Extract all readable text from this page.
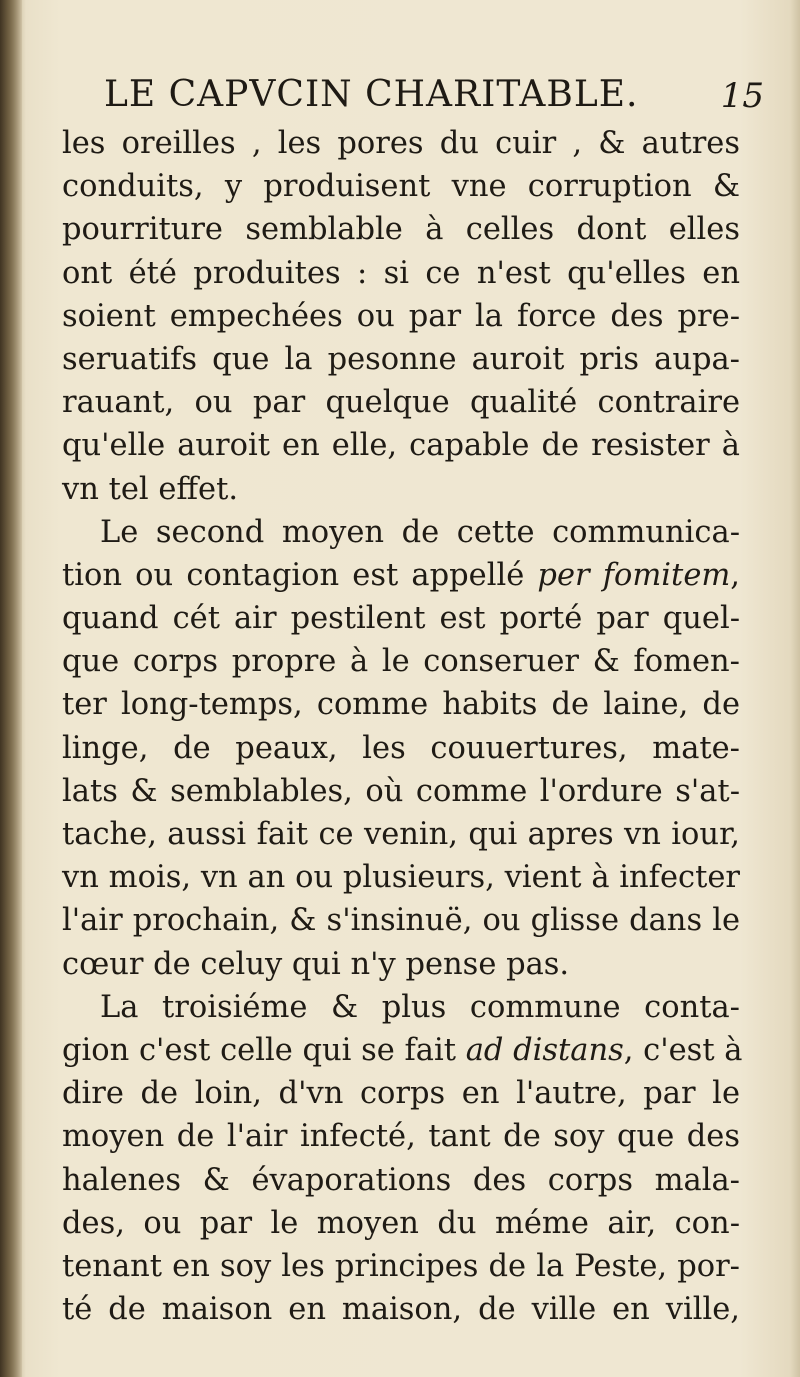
LE CAPVCIN CHARITABLE. 15
les oreilles , les pores du cuir , & autres
conduits, y produisent vne corruption &
pourriture semblable à celles dont elles
ont été produites : si ce n'est qu'elles en
soient empechées ou par la force des pre-
seruatifs que la pesonne auroit pris aupa-
rauant, ou par quelque qualité contraire
qu'elle auroit en elle, capable de resister à
vn tel effet.
Le second moyen de cette communica-
tion ou contagion est appellé per fomitem,
quand cét air pestilent est porté par quel-
que corps propre à le conseruer & fomen-
ter long-temps, comme habits de laine, de
linge, de peaux, les couuertures, mate-
lats & semblables, où comme l'ordure s'at-
tache, aussi fait ce venin, qui apres vn iour,
vn mois, vn an ou plusieurs, vient à infecter
l'air prochain, & s'insinuë, ou glisse dans le
cœur de celuy qui n'y pense pas.
La troisiéme & plus commune conta-
gion c'est celle qui se fait ad distans, c'est à
dire de loin, d'vn corps en l'autre, par le
moyen de l'air infecté, tant de soy que des
halenes & évaporations des corps mala-
des, ou par le moyen du méme air, con-
tenant en soy les principes de la Peste, por-
té de maison en maison, de ville en ville,
